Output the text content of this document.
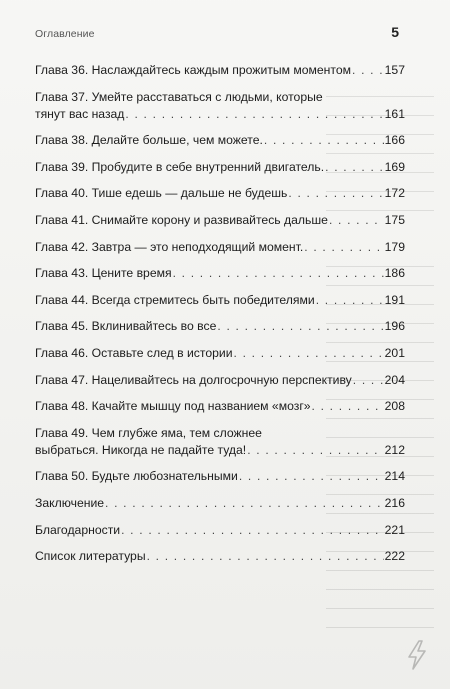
Оглавление	5
Глава 36. Наслаждайтесь каждым прожитым моментом . . .	157
Глава 37. Умейте расставаться с людьми, которые
тянут вас назад . . .	161
Глава 38. Делайте больше, чем можете. . . .	166
Глава 39. Пробудите в себе внутренний двигатель. . . .	169
Глава 40. Тише едешь — дальше не будешь . . .	172
Глава 41. Снимайте корону и развивайтесь дальше . . .	175
Глава 42. Завтра — это неподходящий момент. . . .	179
Глава 43. Цените время . . .	186
Глава 44. Всегда стремитесь быть победителями . . .	191
Глава 45. Вклинивайтесь во все . . .	196
Глава 46. Оставьте след в истории . . .	201
Глава 47. Нацеливайтесь на долгосрочную перспективу . . .	204
Глава 48. Качайте мышцу под названием «мозг» . . .	208
Глава 49. Чем глубже яма, тем сложнее
выбраться. Никогда не падайте туда! . . .	212
Глава 50. Будьте любознательными . . .	214
Заключение . . .	216
Благодарности . . .	221
Список литературы . . .	222
